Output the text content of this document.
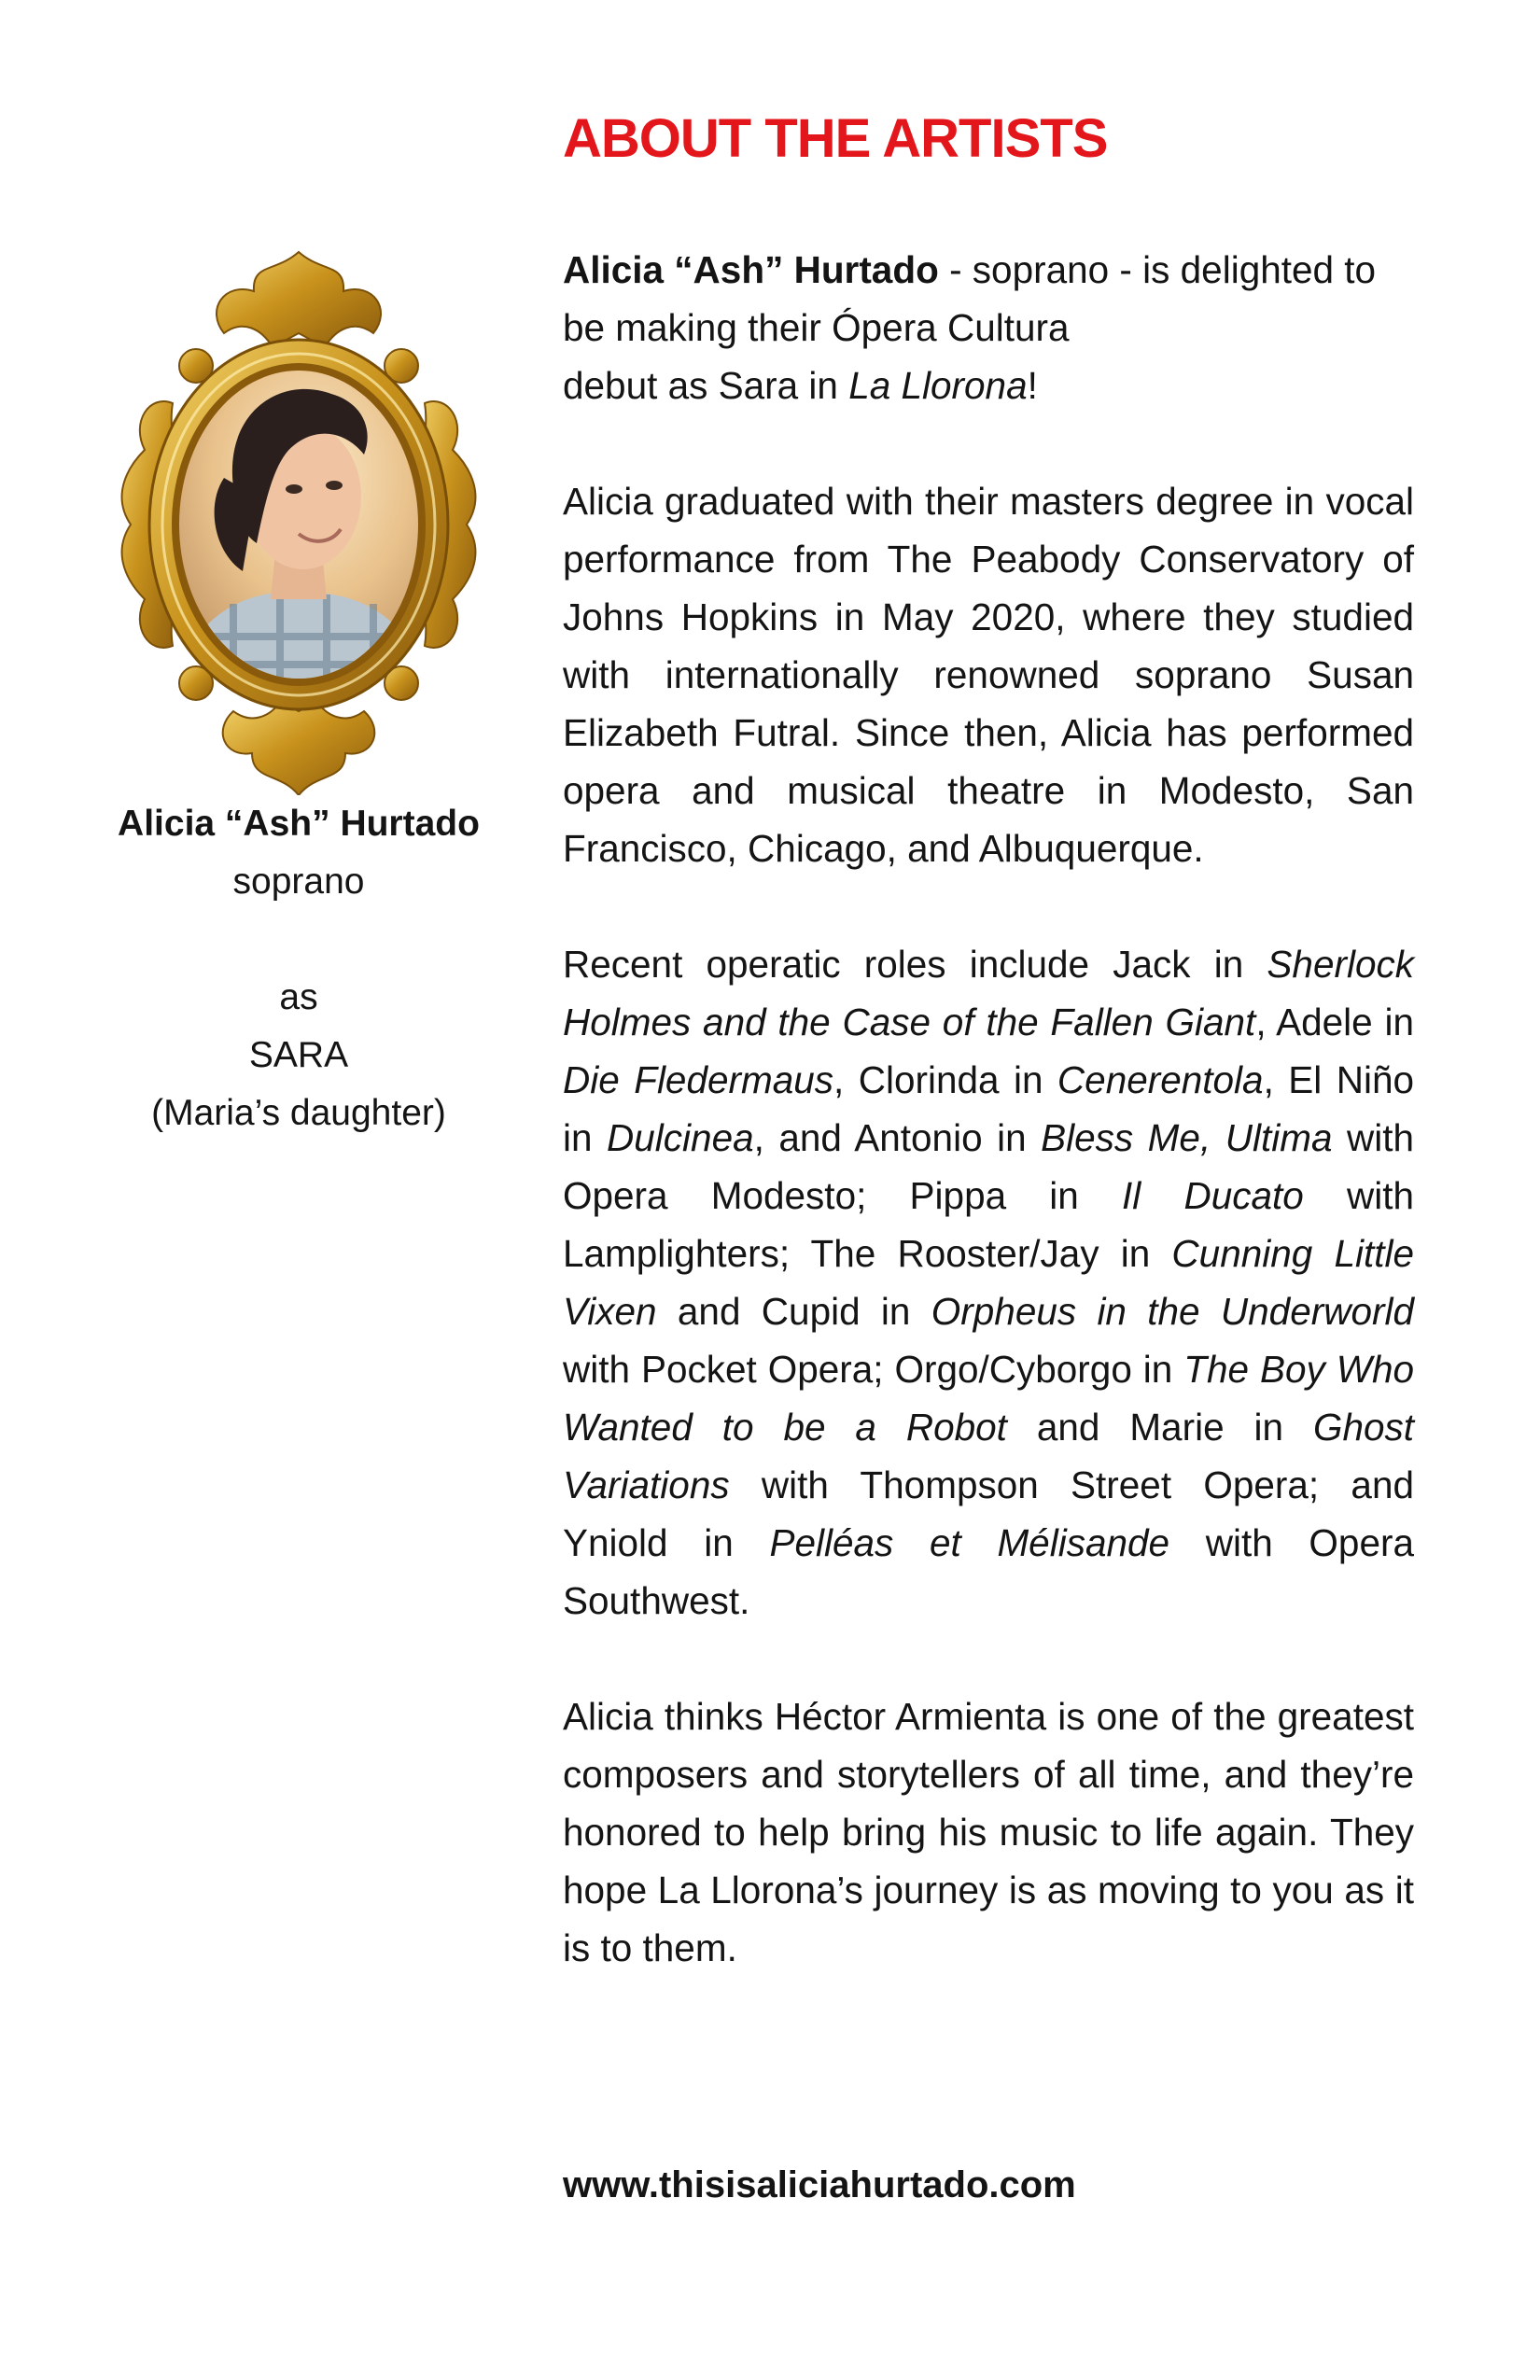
ABOUT THE ARTISTS
Alicia “Ash” Hurtado
soprano
as
SARA
(Maria’s daughter)

Alicia “Ash” Hurtado - soprano - is delighted to be making their Ópera Cultura
debut as Sara in La Llorona!

Alicia graduated with their masters degree in vocal performance from The Peabody Conservatory of Johns Hopkins in May 2020, where they studied with internationally renowned soprano Susan Elizabeth Futral. Since then, Alicia has performed opera and musical theatre in Modesto, San Francisco, Chicago, and Albuquerque.

Recent operatic roles include Jack in Sherlock Holmes and the Case of the Fallen Giant, Adele in Die Fledermaus, Clorinda in Cenerentola, El Niño in Dulcinea, and Antonio in Bless Me, Ultima with Opera Modesto; Pippa in Il Ducato with Lamplighters; The Rooster/Jay in Cunning Little Vixen and Cupid in Orpheus in the Underworld with Pocket Opera; Orgo/Cyborgo in The Boy Who Wanted to be a Robot and Marie in Ghost Variations with Thompson Street Opera; and Yniold in Pelléas et Mélisande with Opera Southwest.

Alicia thinks Héctor Armienta is one of the greatest composers and storytellers of all time, and they’re honored to help bring his music to life again. They hope La Llorona’s journey is as moving to you as it is to them.

www.thisisaliciahurtado.com
